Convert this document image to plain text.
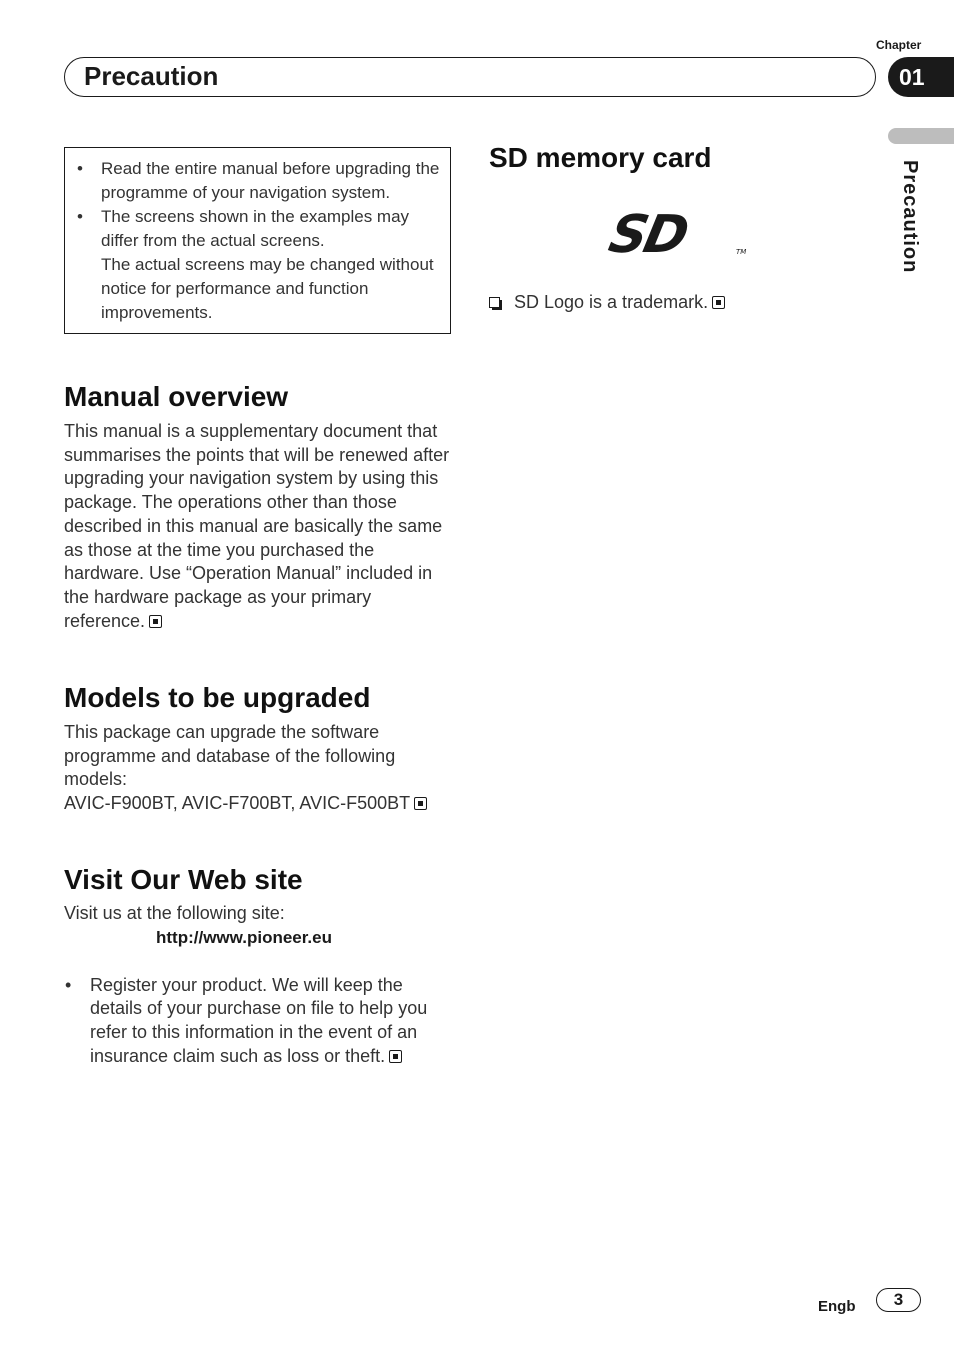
Chapter
Precaution	01
Precaution
• Read the entire manual before upgrading the programme of your navigation system.
• The screens shown in the examples may differ from the actual screens.
The actual screens may be changed without notice for performance and function improvements.
Manual overview
This manual is a supplementary document that summarises the points that will be renewed after upgrading your navigation system by using this package. The operations other than those described in this manual are basically the same as those at the time you purchased the hardware. Use “Operation Manual” included in the hardware package as your primary reference.
Models to be upgraded
This package can upgrade the software programme and database of the following models:
AVIC-F900BT, AVIC-F700BT, AVIC-F500BT
Visit Our Web site
Visit us at the following site:
http://www.pioneer.eu
• Register your product. We will keep the details of your purchase on file to help you refer to this information in the event of an insurance claim such as loss or theft.
SD memory card
SD	TM
SD Logo is a trademark.
Engb	3
